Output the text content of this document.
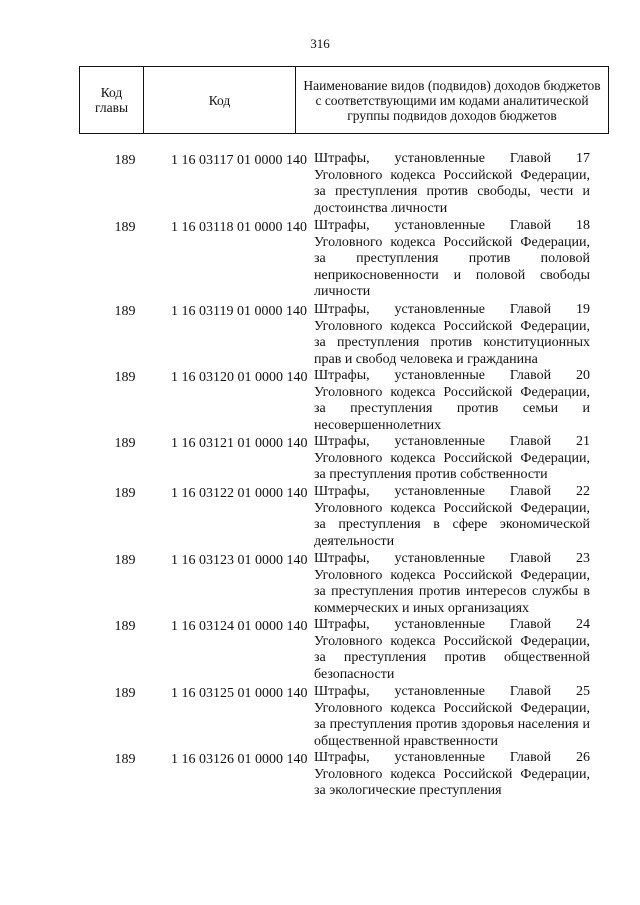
316
Код главы	Код	Наименование видов (подвидов) доходов бюджетов с соответствующими им кодами аналитической группы подвидов доходов бюджетов
189	1 16 03117 01 0000 140 Штрафы, установленные Главой 17
Уголовного кодекса Российской Федерации, за преступления против свободы, чести и достоинства личности
189	1 16 03118 01 0000 140 Штрафы, установленные Главой 18
Уголовного кодекса Российской Федерации, за преступления против половой неприкосновенности и половой свободы личности
189	1 16 03119 01 0000 140 Штрафы, установленные Главой 19
Уголовного кодекса Российской Федерации, за преступления против конституционных прав и свобод человека и гражданина
189	1 16 03120 01 0000 140 Штрафы, установленные Главой 20
Уголовного кодекса Российской Федерации, за преступления против семьи и несовершеннолетних
189	1 16 03121 01 0000 140 Штрафы, установленные Главой 21
Уголовного кодекса Российской Федерации, за преступления против собственности
189	1 16 03122 01 0000 140 Штрафы, установленные Главой 22
Уголовного кодекса Российской Федерации, за преступления в сфере экономической деятельности
189	1 16 03123 01 0000 140 Штрафы, установленные Главой 23
Уголовного кодекса Российской Федерации, за преступления против интересов службы в коммерческих и иных организациях
189	1 16 03124 01 0000 140 Штрафы, установленные Главой 24
Уголовного кодекса Российской Федерации, за преступления против общественной безопасности
189	1 16 03125 01 0000 140 Штрафы, установленные Главой 25
Уголовного кодекса Российской Федерации, за преступления против здоровья населения и общественной нравственности
189	1 16 03126 01 0000 140 Штрафы, установленные Главой 26
Уголовного кодекса Российской Федерации, за экологические преступления
